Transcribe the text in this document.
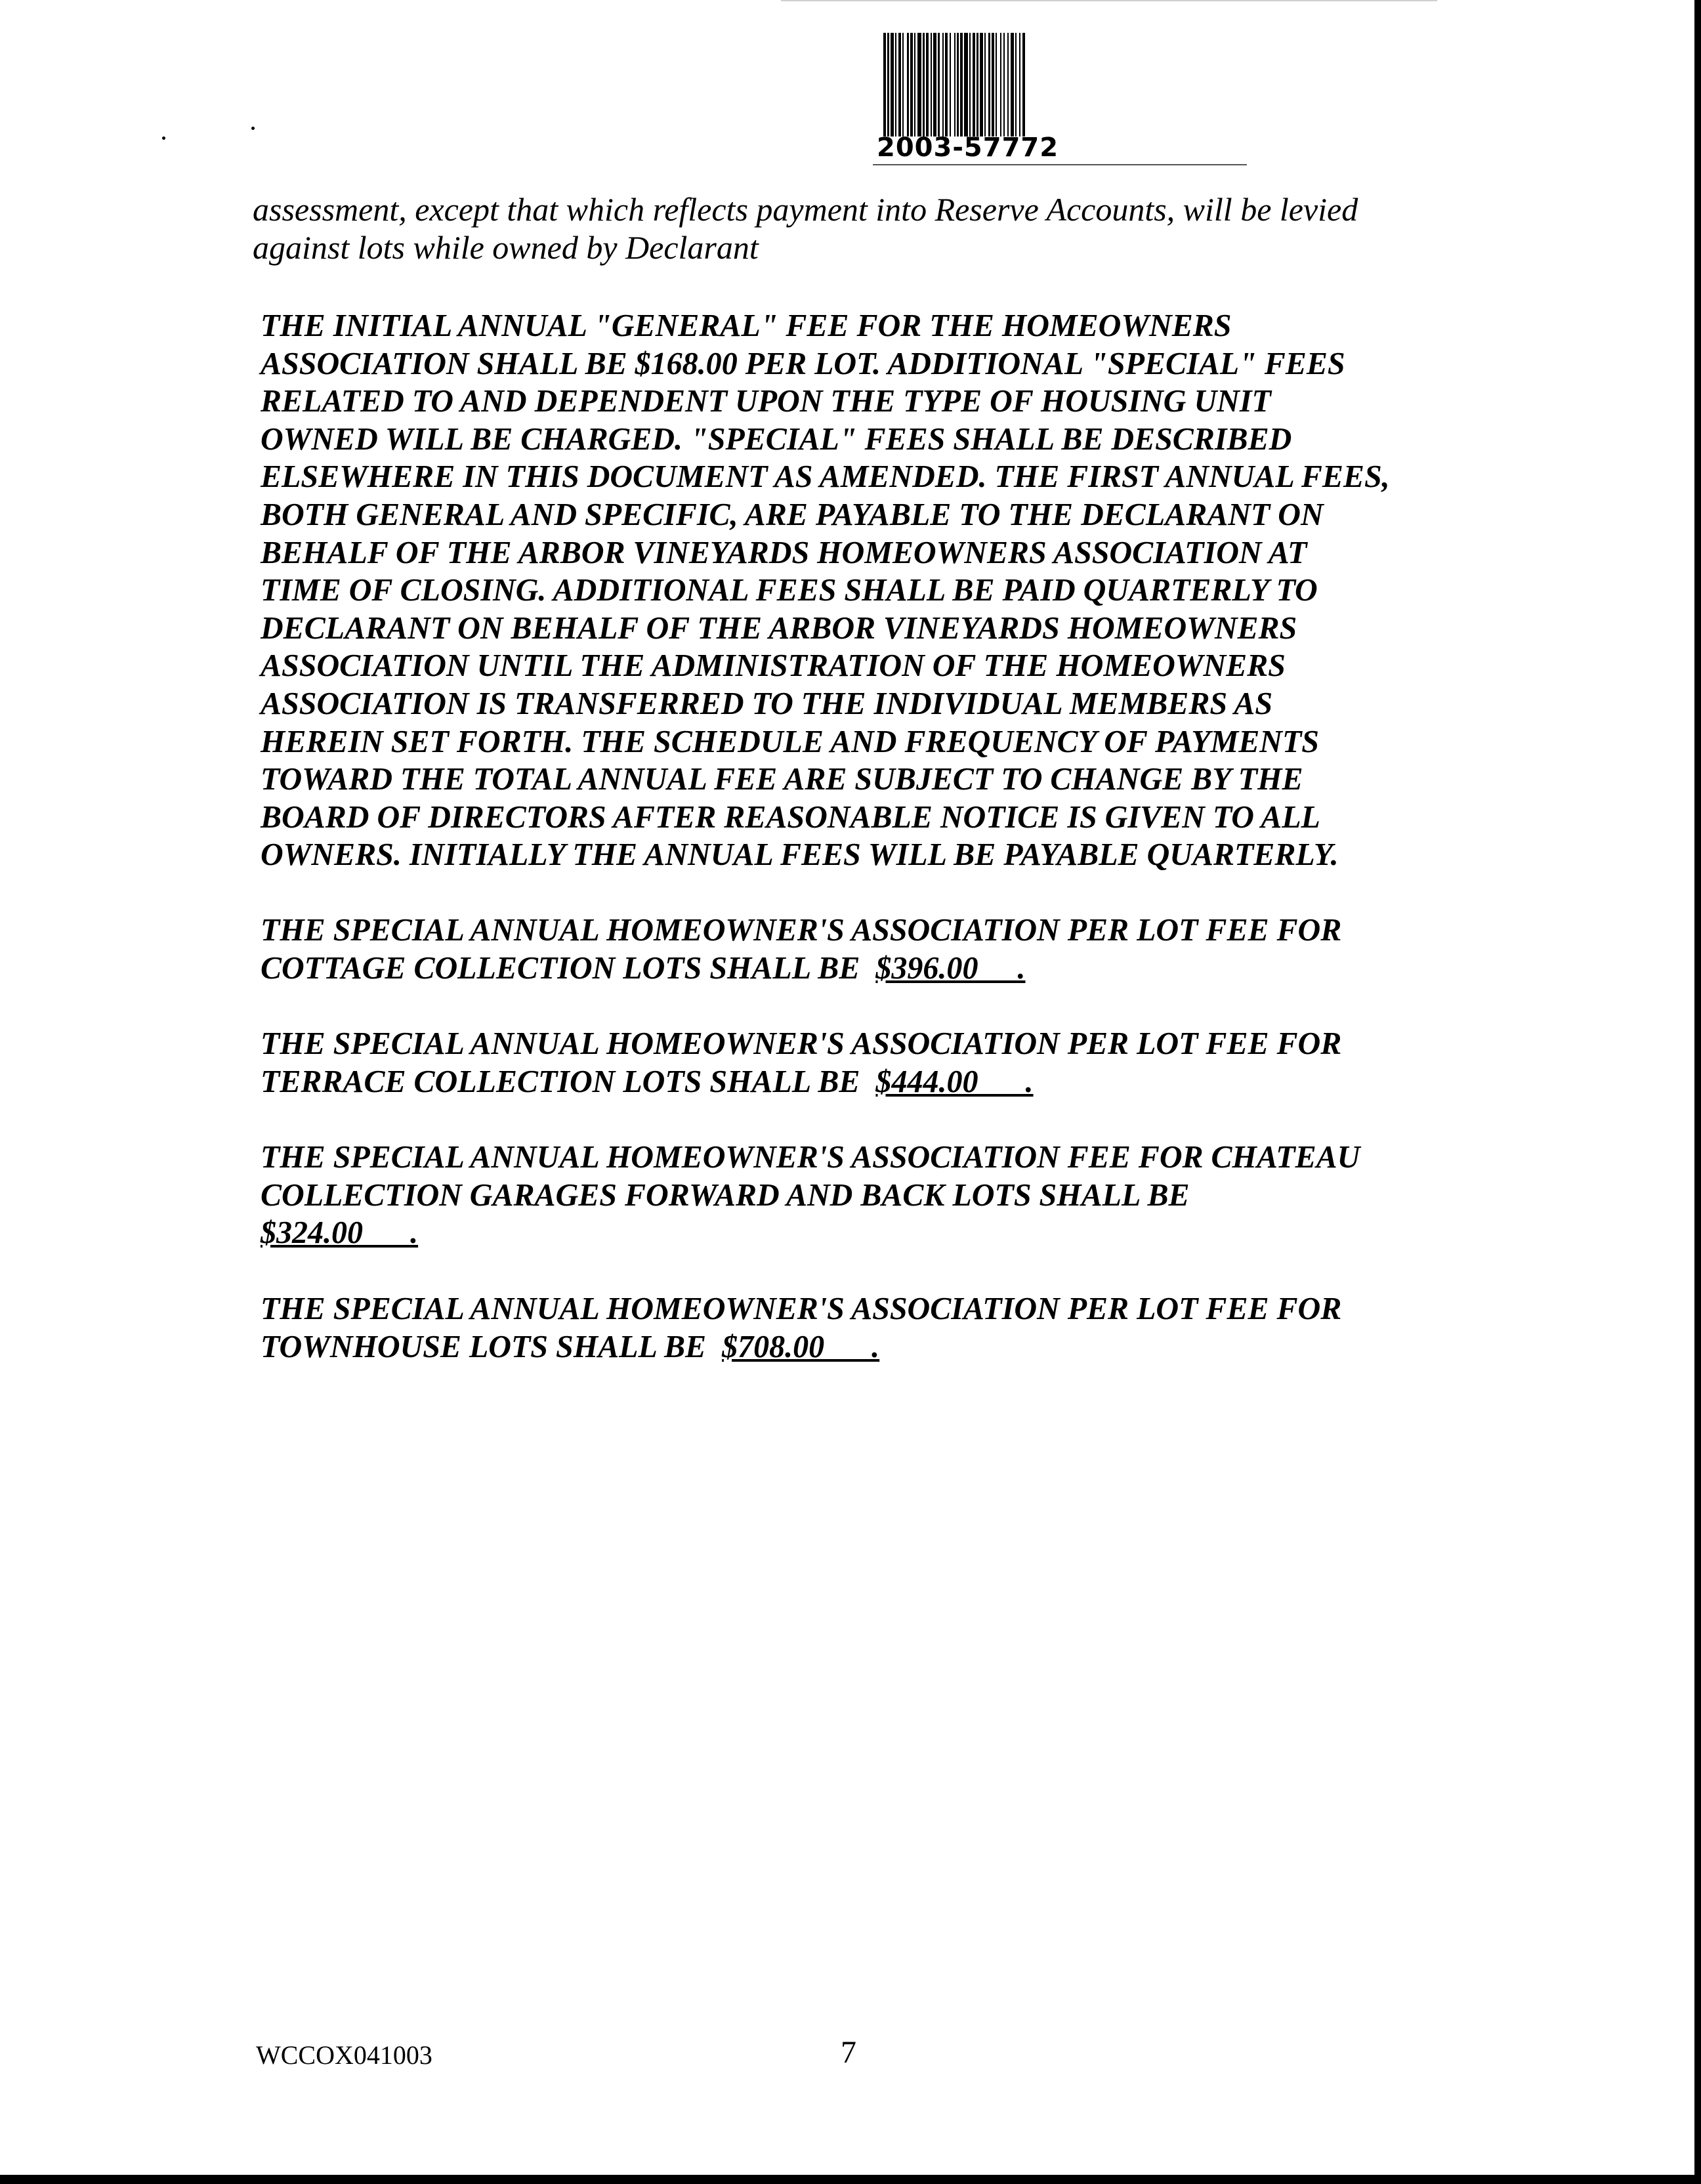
2003-57772
assessment, except that which reflects payment into Reserve Accounts, will be levied
against lots while owned by Declarant
THE INITIAL ANNUAL "GENERAL" FEE FOR THE HOMEOWNERS
ASSOCIATION SHALL BE $168.00 PER LOT. ADDITIONAL "SPECIAL" FEES
RELATED TO AND DEPENDENT UPON THE TYPE OF HOUSING UNIT
OWNED WILL BE CHARGED. "SPECIAL" FEES SHALL BE DESCRIBED
ELSEWHERE IN THIS DOCUMENT AS AMENDED. THE FIRST ANNUAL FEES,
BOTH GENERAL AND SPECIFIC, ARE PAYABLE TO THE DECLARANT ON
BEHALF OF THE ARBOR VINEYARDS HOMEOWNERS ASSOCIATION AT
TIME OF CLOSING. ADDITIONAL FEES SHALL BE PAID QUARTERLY TO
DECLARANT ON BEHALF OF THE ARBOR VINEYARDS HOMEOWNERS
ASSOCIATION UNTIL THE ADMINISTRATION OF THE HOMEOWNERS
ASSOCIATION IS TRANSFERRED TO THE INDIVIDUAL MEMBERS AS
HEREIN SET FORTH. THE SCHEDULE AND FREQUENCY OF PAYMENTS
TOWARD THE TOTAL ANNUAL FEE ARE SUBJECT TO CHANGE BY THE
BOARD OF DIRECTORS AFTER REASONABLE NOTICE IS GIVEN TO ALL
OWNERS. INITIALLY THE ANNUAL FEES WILL BE PAYABLE QUARTERLY.
THE SPECIAL ANNUAL HOMEOWNER'S ASSOCIATION PER LOT FEE FOR
COTTAGE COLLECTION LOTS SHALL BE  $396.00     .
THE SPECIAL ANNUAL HOMEOWNER'S ASSOCIATION PER LOT FEE FOR
TERRACE COLLECTION LOTS SHALL BE  $444.00      .
THE SPECIAL ANNUAL HOMEOWNER'S ASSOCIATION FEE FOR CHATEAU
COLLECTION GARAGES FORWARD AND BACK LOTS SHALL BE
$324.00      .
THE SPECIAL ANNUAL HOMEOWNER'S ASSOCIATION PER LOT FEE FOR
TOWNHOUSE LOTS SHALL BE  $708.00      .
WCCOX041003	7
